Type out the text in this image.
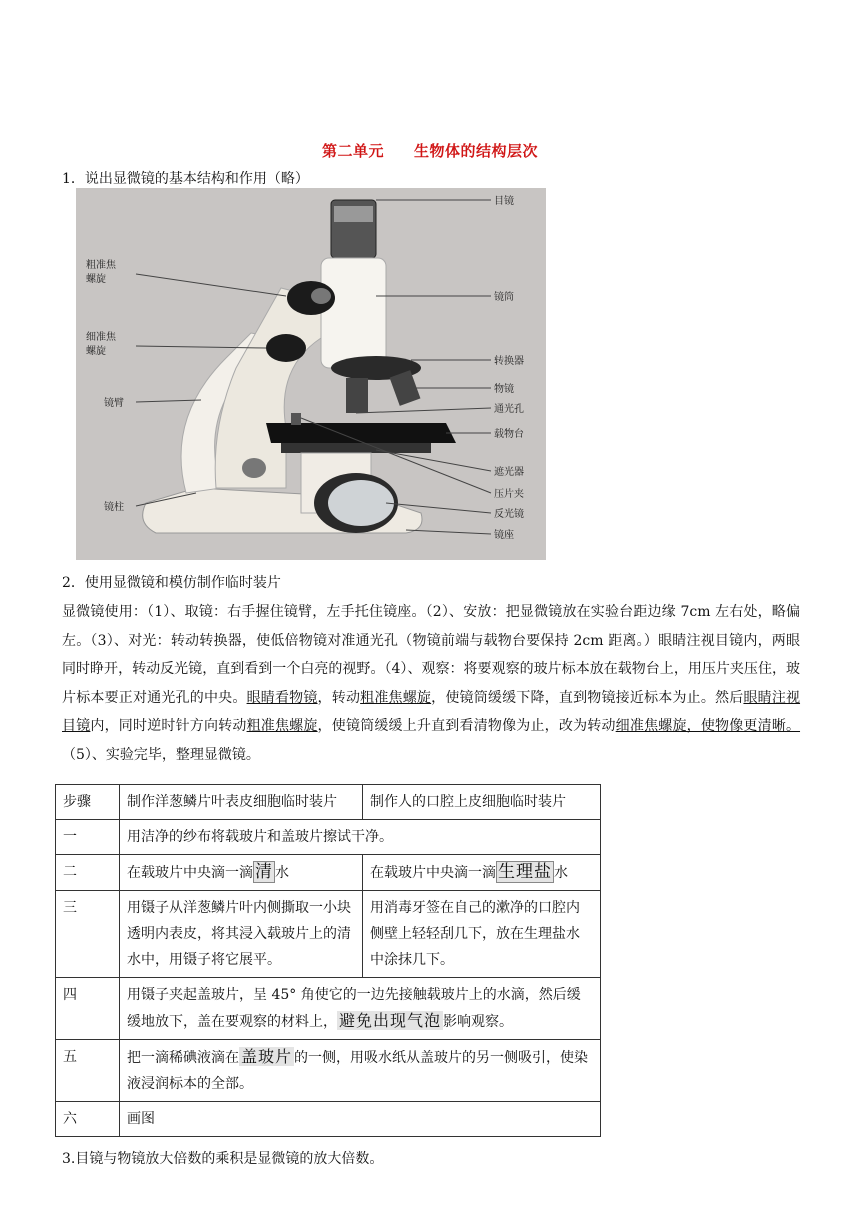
第二单元 生物体的结构层次
1．说出显微镜的基本结构和作用（略）
目镜
镜筒
转换器
物镜
通光孔
载物台
遮光器
压片夹
反光镜
镜座
粗准焦
螺旋
细准焦
螺旋
镜臂
镜柱
2．使用显微镜和模仿制作临时装片
显微镜使用：（1）、取镜：右手握住镜臂，左手托住镜座。（2）、安放：把显微镜放在实验台距边缘 7cm 左右处，略偏左。（3）、对光：转动转换器，使低倍物镜对准通光孔（物镜前端与载物台要保持 2cm 距离。）眼睛注视目镜内，两眼同时睁开，转动反光镜，直到看到一个白亮的视野。（4）、观察：将要观察的玻片标本放在载物台上，用压片夹压住，玻片标本要正对通光孔的中央。眼睛看物镜，转动粗准焦螺旋，使镜筒缓缓下降，直到物镜接近标本为止。然后眼睛注视目镜内，同时逆时针方向转动粗准焦螺旋，使镜筒缓缓上升直到看清物像为止，改为转动细准焦螺旋，使物像更清晰。（5）、实验完毕，整理显微镜。
步骤	制作洋葱鳞片叶表皮细胞临时装片	制作人的口腔上皮细胞临时装片
一	用洁净的纱布将载玻片和盖玻片擦试干净。	
二	在载玻片中央滴一滴 清 水	在载玻片中央滴一滴 生理盐 水
三	用镊子从洋葱鳞片叶内侧撕取一小块透明内表皮，将其浸入载玻片上的清水中，用镊子将它展平。	用消毒牙签在自己的漱净的口腔内侧壁上轻轻刮几下，放在生理盐水中涂抹几下。
四	用镊子夹起盖玻片，呈 45° 角使它的一边先接触载玻片上的水滴，然后缓缓地放下，盖在要观察的材料上， 避免出现气泡 影响观察。	
五	把一滴稀碘液滴在 盖玻片 的一侧，用吸水纸从盖玻片的另一侧吸引，使染液浸润标本的全部。	
六	画图	
3.目镜与物镜放大倍数的乘积是显微镜的放大倍数。
